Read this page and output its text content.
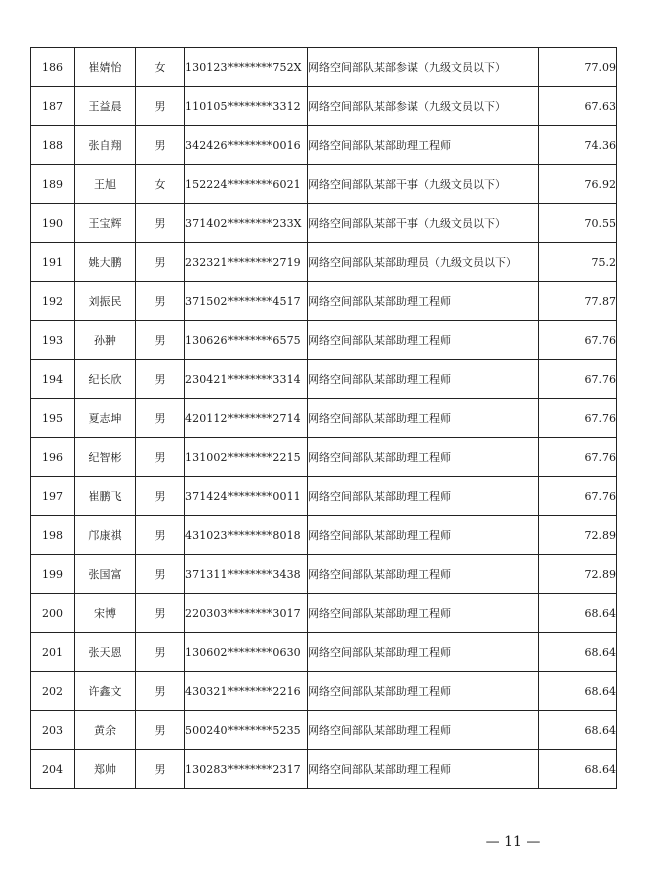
186	崔婧怡	女	130123********752X	网络空间部队某部参谋（九级文员以下）	77.09
187	王益晨	男	110105********3312	网络空间部队某部参谋（九级文员以下）	67.63
188	张自翔	男	342426********0016	网络空间部队某部助理工程师	74.36
189	王旭	女	152224********6021	网络空间部队某部干事（九级文员以下）	76.92
190	王宝辉	男	371402********233X	网络空间部队某部干事（九级文员以下）	70.55
191	姚大鹏	男	232321********2719	网络空间部队某部助理员（九级文员以下）	75.2
192	刘振民	男	371502********4517	网络空间部队某部助理工程师	77.87
193	孙翀	男	130626********6575	网络空间部队某部助理工程师	67.76
194	纪长欣	男	230421********3314	网络空间部队某部助理工程师	67.76
195	夏志坤	男	420112********2714	网络空间部队某部助理工程师	67.76
196	纪智彬	男	131002********2215	网络空间部队某部助理工程师	67.76
197	崔鹏飞	男	371424********0011	网络空间部队某部助理工程师	67.76
198	邝康祺	男	431023********8018	网络空间部队某部助理工程师	72.89
199	张国富	男	371311********3438	网络空间部队某部助理工程师	72.89
200	宋博	男	220303********3017	网络空间部队某部助理工程师	68.64
201	张天恩	男	130602********0630	网络空间部队某部助理工程师	68.64
202	许鑫文	男	430321********2216	网络空间部队某部助理工程师	68.64
203	黄余	男	500240********5235	网络空间部队某部助理工程师	68.64
204	郑帅	男	130283********2317	网络空间部队某部助理工程师	68.64
— 11 —
